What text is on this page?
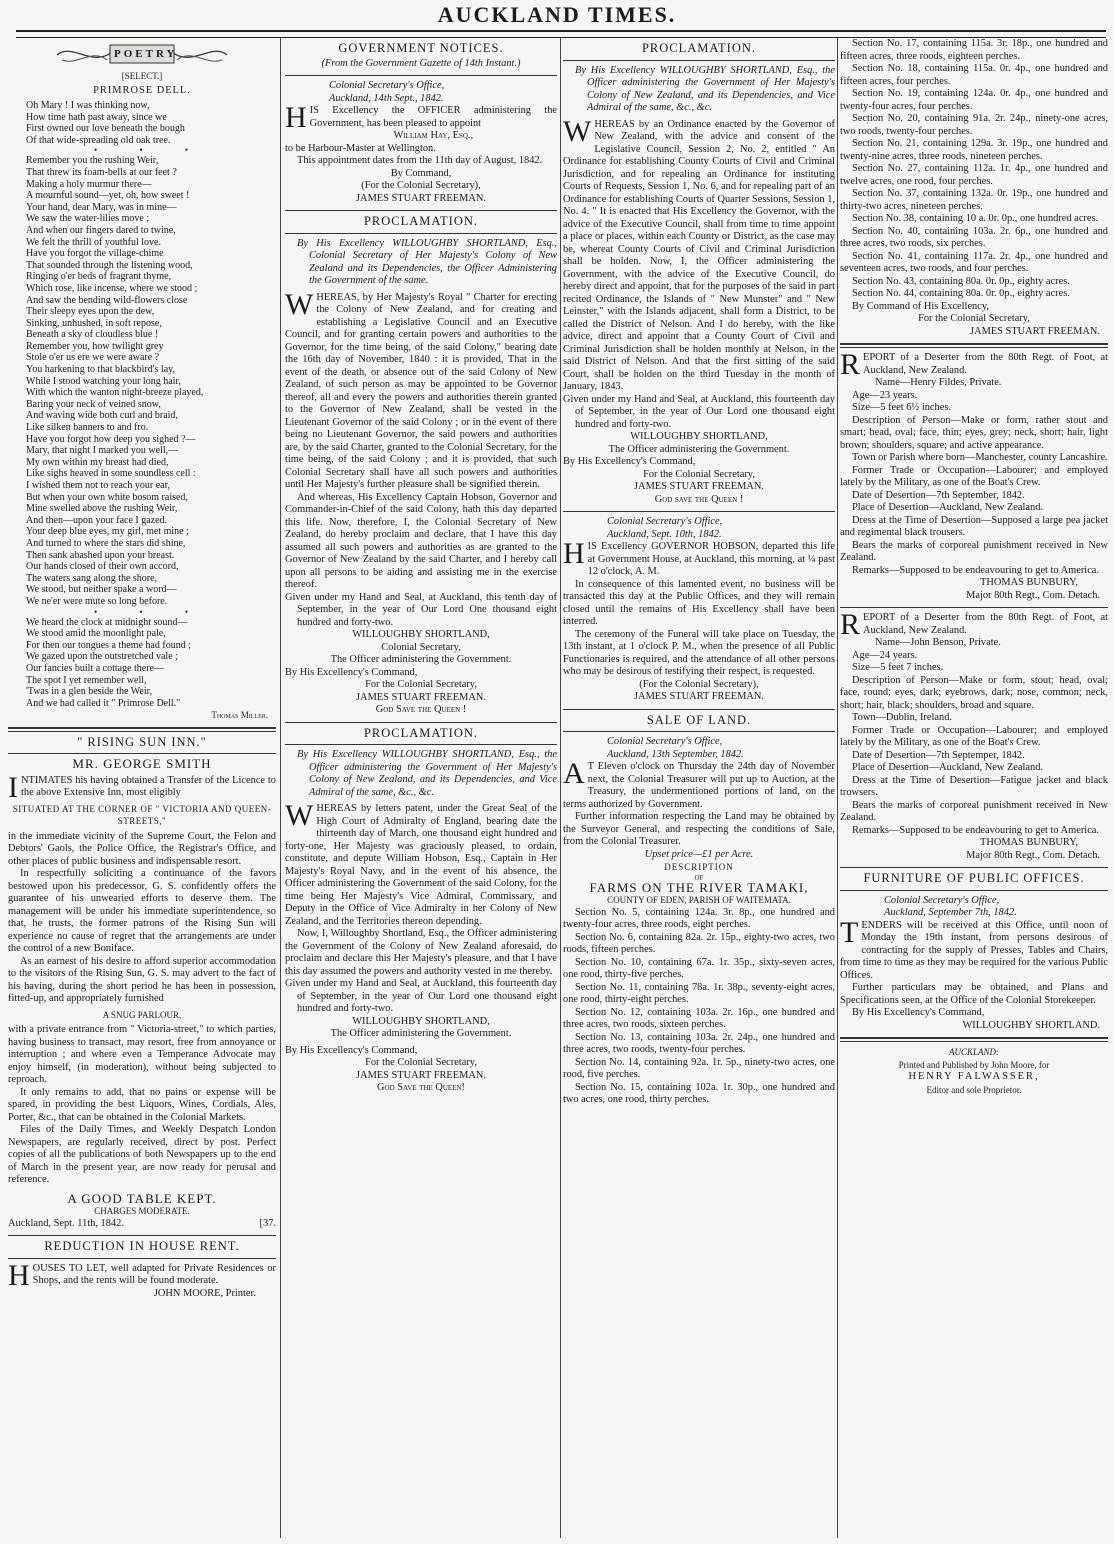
AUCKLAND TIMES.
POETRY

[SELECT.]

PRIMROSE DELL.

Oh Mary ! I was thinking now,

How time hath past away, since we

First owned our love beneath the bough

Of that wide-spreading old oak tree.

• • •

Remember you the rushing Weir,

That threw its foam-bells at our feet ?

Making a holy murmur there—

A mournful sound—yet, oh, how sweet !

Your hand, dear Mary, was in mine—

We saw the water-lilies move ;

And when our fingers dared to twine,

We felt the thrill of youthful love.

Have you forgot the village-chime

That sounded through the listening wood,

Ringing o'er beds of fragrant thyme,

Which rose, like incense, where we stood ;

And saw the bending wild-flowers close

Their sleepy eyes upon the dew,

Sinking, unhushed, in soft repose,

Beneath a sky of cloudless blue !

Remember you, how twilight grey

Stole o'er us ere we were aware ?

You harkening to that blackbird's lay,

While I stood watching your long hair,

With which the wanton night-breeze played,

Baring your neck of veined snow,

And waving wide both curl and braid,

Like silken banners to and fro.

Have you forgot how deep you sighed ?—

Mary, that night I marked you well,—

My own within my breast had died,

Like sighs heaved in some soundless cell :

I wished them not to reach your ear,

But when your own white bosom raised,

Mine swelled above the rushing Weir,

And then—upon your face I gazed.

Your deep blue eyes, my girl, met mine ;

And turned to where the stars did shine,

Then sank abashed upon your breast.

Our hands closed of their own accord,

The waters sang along the shore,

We stood, but neither spake a word—

We ne'er were mute so long before.

• • •

We heard the clock at midnight sound—

We stood amid the moonlight pale,

For then our tongues a theme had found ;

We gazed upon the outstretched vale ;

Our fancies built a cottage there—

The spot I yet remember well,

'Twas in a glen beside the Weir,

And we had called it " Primrose Dell."

Thomas Miller.

" RISING SUN INN."

MR. GEORGE SMITH

INTIMATES his having obtained a Transfer of the Licence to the above Extensive Inn, most eligibly

SITUATED AT THE CORNER OF " VICTORIA AND QUEEN-STREETS,"

in the immediate vicinity of the Supreme Court, the Felon and Debtors' Gaols, the Police Office, the Registrar's Office, and other places of public business and indispensable resort.

In respectfully soliciting a continuance of the favors bestowed upon his predecessor, G. S. confidently offers the guarantee of his unwearied efforts to deserve them. The management will be under his immediate superintendence, so that, he trusts, the former patrons of the Rising Sun will experience no cause of regret that the arrangements are under the control of a new Boniface.

As an earnest of his desire to afford superior accommodation to the visitors of the Rising Sun, G. S. may advert to the fact of his having, during the short period he has been in possession, fitted-up, and appropriately furnished

A SNUG PARLOUR,

with a private entrance from " Victoria-street," to which parties, having business to transact, may resort, free from annoyance or interruption ; and where even a Temperance Advocate may enjoy himself, (in moderation), without being subjected to reproach.

It only remains to add, that no pains or expense will be spared, in providing the best Liquors, Wines, Cordials, Ales, Porter, &c., that can be obtained in the Colonial Markets.

Files of the Daily Times, and Weekly Despatch London Newspapers, are regularly received, direct by post. Perfect copies of all the publications of both Newspapers up to the end of March in the present year, are now ready for perusal and reference.

A GOOD TABLE KEPT.

CHARGES MODERATE.

Auckland, Sept. 11th, 1842.	[37.

REDUCTION IN HOUSE RENT.

HOUSES TO LET, well adapted for Private Residences or Shops, and the rents will be found moderate.

JOHN MOORE, Printer.

GOVERNMENT NOTICES.

(From the Government Gazette of 14th Instant.)

Colonial Secretary's Office,

Auckland, 14th Sept., 1842.

HIS Excellency the OFFICER administering the Government, has been pleased to appoint

William Hay, Esq.,

to be Harbour-Master at Wellington.

This appointment dates from the 11th day of August, 1842.

By Command,

(For the Colonial Secretary),

JAMES STUART FREEMAN.

PROCLAMATION.

By His Excellency WILLOUGHBY SHORTLAND, Esq., Colonial Secretary of Her Majesty's Colony of New Zealand and its Dependencies, the Officer Administering the Government of the same.

WHEREAS, by Her Majesty's Royal " Charter for erecting the Colony of New Zealand, and for creating and establishing a Legislative Council and an Executive Council, and for granting certain powers and authorities to the Governor, for the time being, of the said Colony," bearing date the 16th day of November, 1840 : it is provided, That in the event of the death, or absence out of the said Colony of New Zealand, of such person as may be appointed to be Governor thereof, all and every the powers and authorities therein granted to the Governor of New Zealand, shall be vested in the Lieutenant Governor of the said Colony ; or in the event of there being no Lieutenant Governor, the said powers and authorities are, by the said Charter, granted to the Colonial Secretary, for the time being, of the said Colony ; and it is provided, that such Colonial Secretary shall have all such powers and authorities until Her Majesty's further pleasure shall be signified therein.

And whereas, His Excellency Captain Hobson, Governor and Commander-in-Chief of the said Colony, hath this day departed this life. Now, therefore, I, the Colonial Secretary of New Zealand, do hereby proclaim and declare, that I have this day assumed all such powers and authorities as are granted to the Governor of New Zealand by the said Charter, and I hereby call upon all persons to be aiding and assisting me in the exercise thereof.

Given under my Hand and Seal, at Auckland, this tenth day of September, in the year of Our Lord One thousand eight hundred and forty-two.

WILLOUGHBY SHORTLAND,

Colonial Secretary,

The Officer administering the Government.

By His Excellency's Command,

For the Colonial Secretary,

JAMES STUART FREEMAN.

God Save the Queen !

PROCLAMATION.

By His Excellency WILLOUGHBY SHORTLAND, Esq., the Officer administering the Government of Her Majesty's Colony of New Zealand, and its Dependencies, and Vice Admiral of the same, &c., &c.

WHEREAS by letters patent, under the Great Seal of the High Court of Admiralty of England, bearing date the thirteenth day of March, one thousand eight hundred and forty-one, Her Majesty was graciously pleased, to ordain, constitute, and depute William Hobson, Esq., Captain in Her Majesty's Royal Navy, and in the event of his absence, the Officer administering the Government of the said Colony, for the time being Her Majesty's Vice Admiral, Commissary, and Deputy in the Office of Vice Admiralty in her Colony of New Zealand, and the Territories thereon depending.

Now, I, Willoughby Shortland, Esq., the Officer administering the Government of the Colony of New Zealand aforesaid, do proclaim and declare this Her Majesty's pleasure, and that I have this day assumed the powers and authority vested in me thereby.

Given under my Hand and Seal, at Auckland, this fourteenth day of September, in the year of Our Lord one thousand eight hundred and forty-two.

WILLOUGHBY SHORTLAND,

The Officer administering the Government.

By His Excellency's Command,

For the Colonial Secretary,

JAMES STUART FREEMAN.

God Save the Queen!

PROCLAMATION.

By His Excellency WILLOUGHBY SHORTLAND, Esq., the Officer administering the Government of Her Majesty's Colony of New Zealand, and its Dependencies, and Vice Admiral of the same, &c., &c.

WHEREAS by an Ordinance enacted by the Governor of New Zealand, with the advice and consent of the Legislative Council, Session 2, No. 2, entitled " An Ordinance for establishing County Courts of Civil and Criminal Jurisdiction, and for repealing an Ordinance for instituting Courts of Requests, Session 1, No. 6, and for repealing part of an Ordinance for establishing Courts of Quarter Sessions, Session 1, No. 4. " It is enacted that His Excellency the Governor, with the advice of the Executive Council, shall from time to time appoint a place or places, within each County or District, as the case may be, whereat County Courts of Civil and Criminal Jurisdiction shall be holden. Now, I, the Officer administering the Government, with the advice of the Executive Council, do hereby direct and appoint, that for the purposes of the said in part recited Ordinance, the Islands of " New Munster" and " New Leinster," with the Islands adjacent, shall form a District, to be called the District of Nelson. And I do hereby, with the like advice, direct and appoint that a County Court of Civil and Criminal Jurisdiction shall be holden monthly at Nelson, in the said District of Nelson. And that the first sitting of the said Court, shall be holden on the third Tuesday in the month of January, 1843.

Given under my Hand and Seal, at Auckland, this fourteenth day of September, in the year of Our Lord one thousand eight hundred and forty-two.

WILLOUGHBY SHORTLAND,

The Officer administering the Government.

By His Excellency's Command,

For the Colonial Secretary,

JAMES STUART FREEMAN.

God save the Queen !

Colonial Secretary's Office,

Auckland, Sept. 10th, 1842.

HIS Excellency GOVERNOR HOBSON, departed this life at Government House, at Auckland, this morning, at ¼ past 12 o'clock, A. M.

In consequence of this lamented event, no business will be transacted this day at the Public Offices, and they will remain closed until the remains of His Excellency shall have been interred.

The ceremony of the Funeral will take place on Tuesday, the 13th instant, at 1 o'clock P. M., when the presence of all Public Functionaries is required, and the attendance of all other persons who may be desirous of testifying their respect, is requested.

(For the Colonial Secretary),

JAMES STUART FREEMAN.

SALE OF LAND.

Colonial Secretary's Office,

Auckland, 13th September, 1842.

A T Eleven o'clock on Thursday the 24th day of November next, the Colonial Treasurer will put up to Auction, at the Treasury, the undermentioned portions of land, on the terms authorized by Government.

Further information respecting the Land may be obtained by the Surveyor General, and respecting the conditions of Sale, from the Colonial Treasurer.

Upset price—£1 per Acre.

DESCRIPTION

OF

FARMS ON THE RIVER TAMAKI,

COUNTY OF EDEN, PARISH OF WAITEMATA.

Section No. 5, containing 124a. 3r. 8p., one hundred and twenty-four acres, three roods, eight perches.

Section No. 6, containing 82a. 2r. 15p., eighty-two acres, two roods, fifteen perches.

Section No. 10, containing 67a. 1r. 35p., sixty-seven acres, one rood, thirty-five perches.

Section No. 11, containing 78a. 1r. 38p., seventy-eight acres, one rood, thirty-eight perches.

Section No. 12, containing 103a. 2r. 16p., one hundred and three acres, two roods, sixteen perches.

Section No. 13, containing 103a. 2r. 24p., one hundred and three acres, two roods, twenty-four perches.

Section No. 14, containing 92a. 1r. 5p., ninety-two acres, one rood, five perches.

Section No. 15, containing 102a. 1r. 30p., one hundred and two acres, one rood, thirty perches.

Section No. 17, containing 115a. 3r. 18p., one hundred and fifteen acres, three roods, eighteen perches.

Section No. 18, containing 115a. 0r. 4p., one hundred and fifteen acres, four perches.

Section No. 19, containing 124a. 0r. 4p., one hundred and twenty-four acres, four perches.

Section No. 20, containing 91a. 2r. 24p., ninety-one acres, two roods, twenty-four perches.

Section No. 21, containing 129a. 3r. 19p., one hundred and twenty-nine acres, three roods, nineteen perches.

Section No. 27, containing 112a. 1r. 4p., one hundred and twelve acres, one rood, four perches.

Section No. 37, containing 132a. 0r. 19p., one hundred and thirty-two acres, nineteen perches.

Section No. 38, containing 10 a. 0r. 0p., one hundred acres.

Section No. 40, containing 103a. 2r. 6p., one hundred and three acres, two roods, six perches.

Section No. 41, containing 117a. 2r. 4p., one hundred and seventeen acres, two roods, and four perches.

Section No. 43, containing 80a. 0r. 0p., eighty acres.

Section No. 44, containing 80a. 0r. 0p., eighty acres.

By Command of His Excellency,

For the Colonial Secretary,

JAMES STUART FREEMAN.

REPORT of a Deserter from the 80th Regt. of Foot, at Auckland, New Zealand.

Name—Henry Fildes, Private.

Age—23 years.

Size—5 feet 6½ inches.

Description of Person—Make or form, rather stout and smart; head, oval; face, thin; eyes, grey; neck, short; hair, light brown; shoulders, square; and active appearance.

Town or Parish where born—Manchester, county Lancashire.

Former Trade or Occupation—Labourer; and employed lately by the Military, as one of the Boat's Crew.

Date of Desertion—7th September, 1842.

Place of Desertion—Auckland, New Zealand.

Dress at the Time of Desertion—Supposed a large pea jacket and regimental black trousers.

Bears the marks of corporeal punishment received in New Zealand.

Remarks—Supposed to be endeavouring to get to America.

THOMAS BUNBURY,

Major 80th Regt., Com. Detach.

REPORT of a Deserter from the 80th Regt. of Foot, at Auckland, New Zealand.

Name—John Benson, Private.

Age—24 years.

Size—5 feet 7 inches.

Description of Person—Make or form, stout; head, oval; face, round; eyes, dark; eyebrows, dark; nose, common; neck, short; hair, black; shoulders, broad and square.

Town—Dublin, Ireland.

Former Trade or Occupation—Labourer; and employed lately by the Military, as one of the Boat's Crew.

Date of Desertion—7th Septemper, 1842.

Place of Desertion—Auckland, New Zealand.

Dress at the Time of Desertion—Fatigue jacket and black trowsers.

Bears the marks of corporeal punishment received in New Zealand.

Remarks—Supposed to be endeavouring to get to America.

THOMAS BUNBURY,

Major 80th Regt., Com. Detach.

FURNITURE OF PUBLIC OFFICES.

Colonial Secretary's Office,

Auckland, September 7th, 1842.

TENDERS will be received at this Office, until noon of Monday the 19th instant, from persons desirous of contracting for the supply of Presses, Tables and Chairs, from time to time as they may be required for the various Public Offices.

Further particulars may be obtained, and Plans and Specifications seen, at the Office of the Colonial Storekeeper.

By His Excellency's Command,

WILLOUGHBY SHORTLAND.

AUCKLAND:

Printed and Published by John Moore, for

HENRY FALWASSER,

Editor and sole Proprietor.
